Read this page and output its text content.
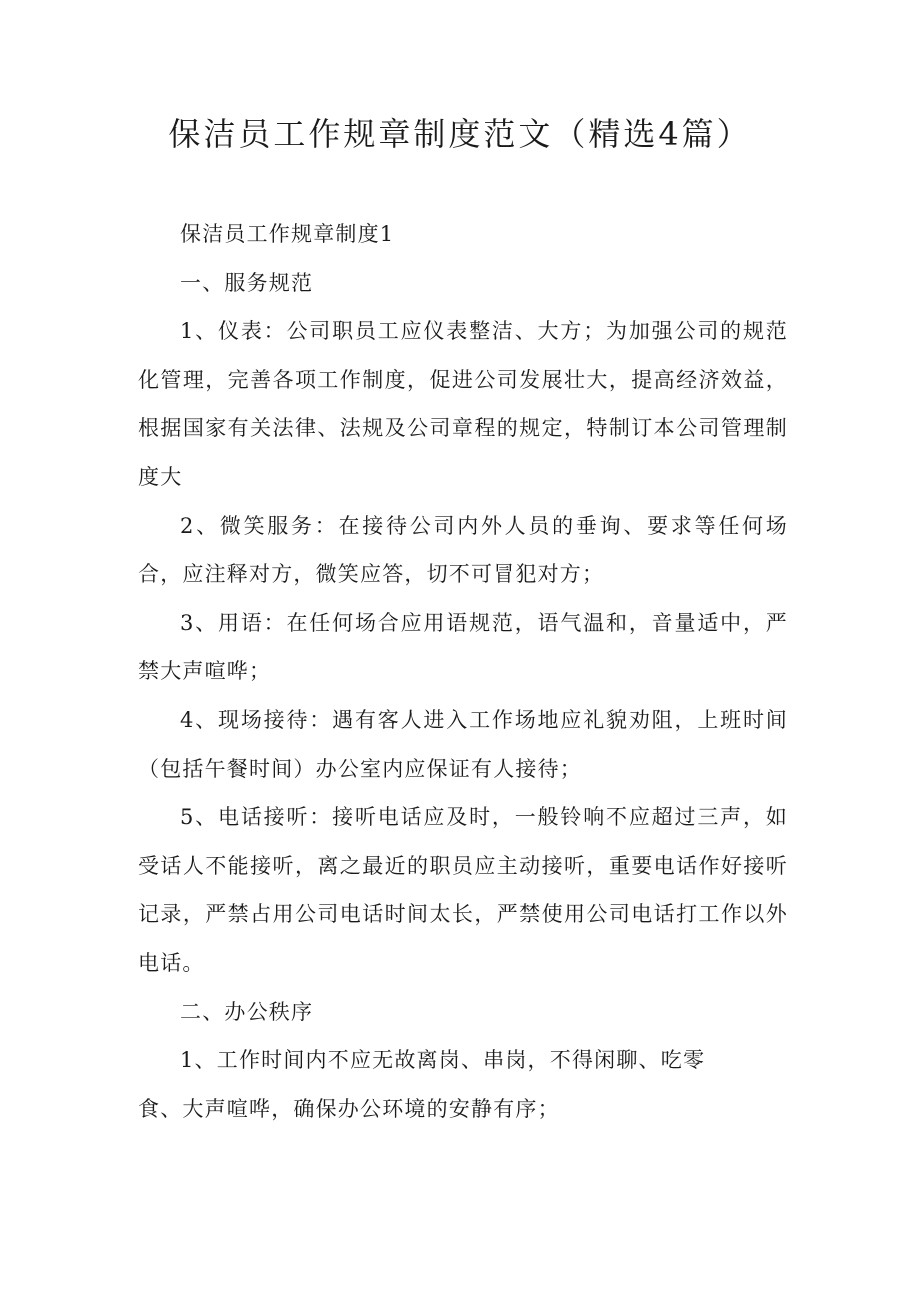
保洁员工作规章制度范文（精选4篇）

保洁员工作规章制度1

一、服务规范

1、仪表：公司职员工应仪表整洁、大方；为加强公司的规范化管理，完善各项工作制度，促进公司发展壮大，提高经济效益，根据国家有关法律、法规及公司章程的规定，特制订本公司管理制度大

2、微笑服务：在接待公司内外人员的垂询、要求等任何场合，应注释对方，微笑应答，切不可冒犯对方；

3、用语：在任何场合应用语规范，语气温和，音量适中，严禁大声喧哗；

4、现场接待：遇有客人进入工作场地应礼貌劝阻，上班时间（包括午餐时间）办公室内应保证有人接待；

5、电话接听：接听电话应及时，一般铃响不应超过三声，如受话人不能接听，离之最近的职员应主动接听，重要电话作好接听记录，严禁占用公司电话时间太长，严禁使用公司电话打工作以外电话。

二、办公秩序

1、工作时间内不应无故离岗、串岗，不得闲聊、吃零
食、大声喧哗，确保办公环境的安静有序；
